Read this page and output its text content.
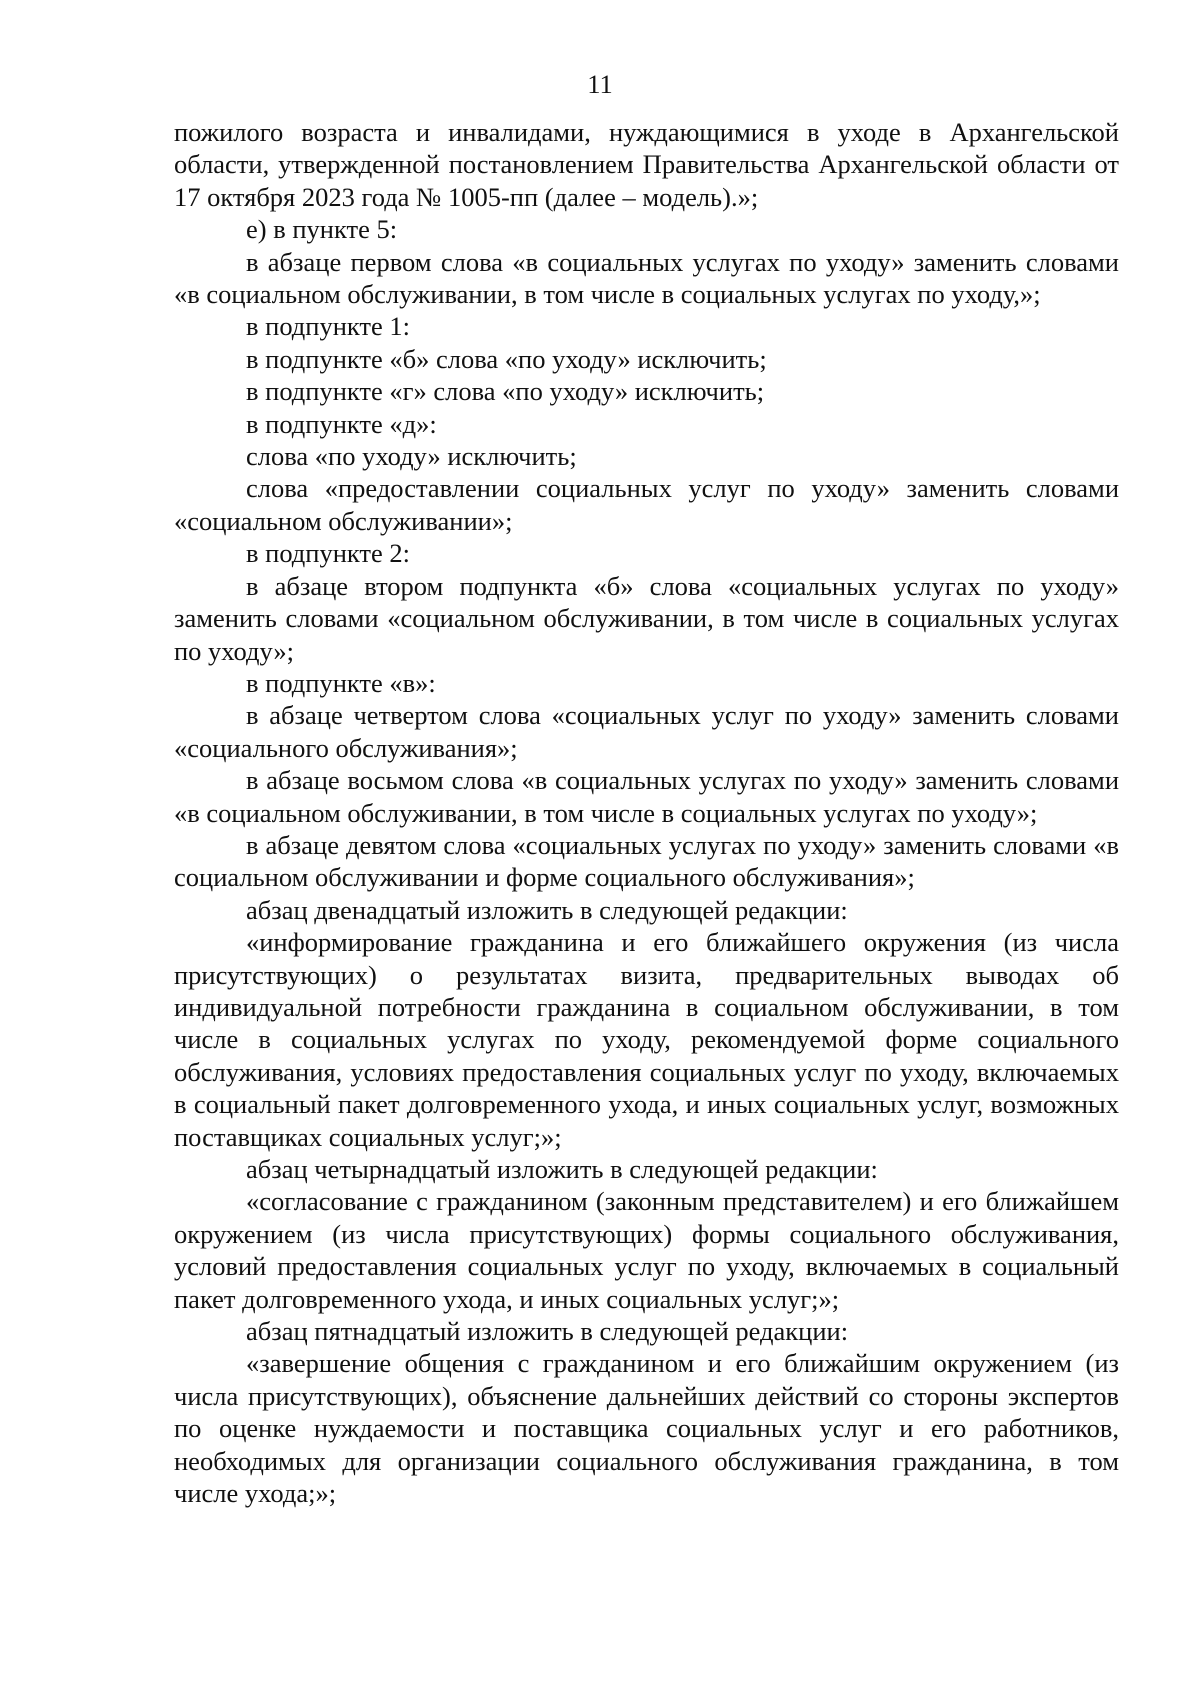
11

пожилого возраста и инвалидами, нуждающимися в уходе в Архангельской области, утвержденной постановлением Правительства Архангельской области от 17 октября 2023 года № 1005-пп (далее – модель).»;

е) в пункте 5:

в абзаце первом слова «в социальных услугах по уходу» заменить словами «в социальном обслуживании, в том числе в социальных услугах по уходу,»;

в подпункте 1:

в подпункте «б» слова «по уходу» исключить;

в подпункте «г» слова «по уходу» исключить;

в подпункте «д»:

слова «по уходу» исключить;

слова «предоставлении социальных услуг по уходу» заменить словами «социальном обслуживании»;

в подпункте 2:

в абзаце втором подпункта «б» слова «социальных услугах по уходу» заменить словами «социальном обслуживании, в том числе в социальных услугах по уходу»;

в подпункте «в»:

в абзаце четвертом слова «социальных услуг по уходу» заменить словами «социального обслуживания»;

в абзаце восьмом слова «в социальных услугах по уходу» заменить словами «в социальном обслуживании, в том числе в социальных услугах по уходу»;

в абзаце девятом слова «социальных услугах по уходу» заменить словами «в социальном обслуживании и форме социального обслуживания»;

абзац двенадцатый изложить в следующей редакции:

«информирование гражданина и его ближайшего окружения (из числа присутствующих) о результатах визита, предварительных выводах об индивидуальной потребности гражданина в социальном обслуживании, в том числе в социальных услугах по уходу, рекомендуемой форме социального обслуживания, условиях предоставления социальных услуг по уходу, включаемых в социальный пакет долговременного ухода, и иных социальных услуг, возможных поставщиках социальных услуг;»;

абзац четырнадцатый изложить в следующей редакции:

«согласование с гражданином (законным представителем) и его ближайшем окружением (из числа присутствующих) формы социального обслуживания, условий предоставления социальных услуг по уходу, включаемых в социальный пакет долговременного ухода, и иных социальных услуг;»;

абзац пятнадцатый изложить в следующей редакции:

«завершение общения с гражданином и его ближайшим окружением (из числа присутствующих), объяснение дальнейших действий со стороны экспертов по оценке нуждаемости и поставщика социальных услуг и его работников, необходимых для организации социального обслуживания гражданина, в том числе ухода;»;
